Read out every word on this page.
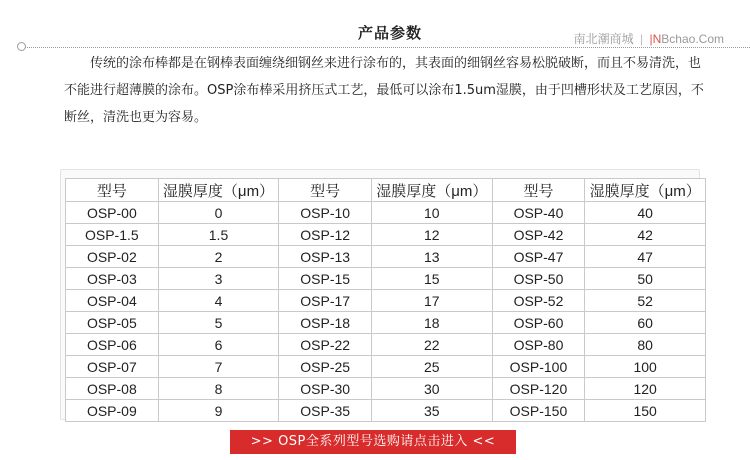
产品参数	南北潮商城 | |NBchao.Com

传统的涂布棒都是在钢棒表面缠绕细钢丝来进行涂布的，其表面的细钢丝容易松脱破断，而且不易清洗，也不能进行超薄膜的涂布。OSP涂布棒采用挤压式工艺，最低可以涂布1.5um湿膜，由于凹槽形状及工艺原因，不断丝，清洗也更为容易。

型号	湿膜厚度（μm）	型号	湿膜厚度（μm）	型号	湿膜厚度（μm）
OSP-00	0	OSP-10	10	OSP-40	40
OSP-1.5	1.5	OSP-12	12	OSP-42	42
OSP-02	2	OSP-13	13	OSP-47	47
OSP-03	3	OSP-15	15	OSP-50	50
OSP-04	4	OSP-17	17	OSP-52	52
OSP-05	5	OSP-18	18	OSP-60	60
OSP-06	6	OSP-22	22	OSP-80	80
OSP-07	7	OSP-25	25	OSP-100	100
OSP-08	8	OSP-30	30	OSP-120	120
OSP-09	9	OSP-35	35	OSP-150	150
>> OSP全系列型号选购请点击进入 <<
